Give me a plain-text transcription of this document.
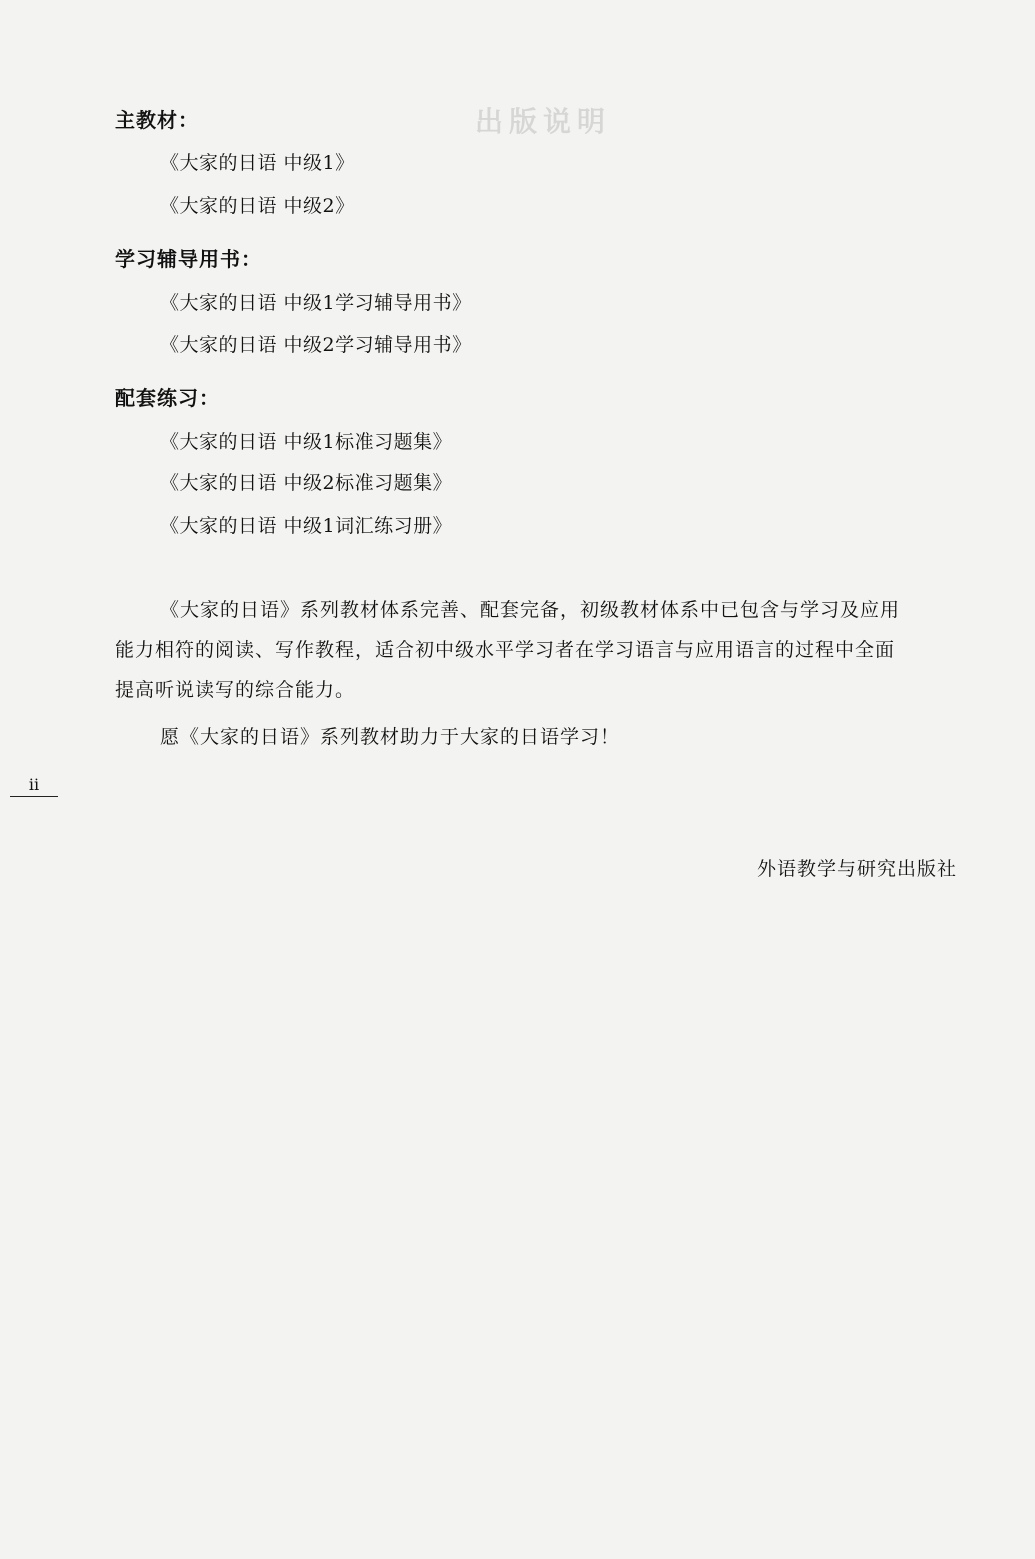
出版说明
主教材：
《大家的日语 中级1》
《大家的日语 中级2》
学习辅导用书：
《大家的日语 中级1学习辅导用书》
《大家的日语 中级2学习辅导用书》
配套练习：
《大家的日语 中级1标准习题集》
《大家的日语 中级2标准习题集》
《大家的日语 中级1词汇练习册》
《大家的日语》系列教材体系完善、配套完备，初级教材体系中已包含与学习及应用
能力相符的阅读、写作教程，适合初中级水平学习者在学习语言与应用语言的过程中全面
提高听说读写的综合能力。
愿《大家的日语》系列教材助力于大家的日语学习！
ii
外语教学与研究出版社
